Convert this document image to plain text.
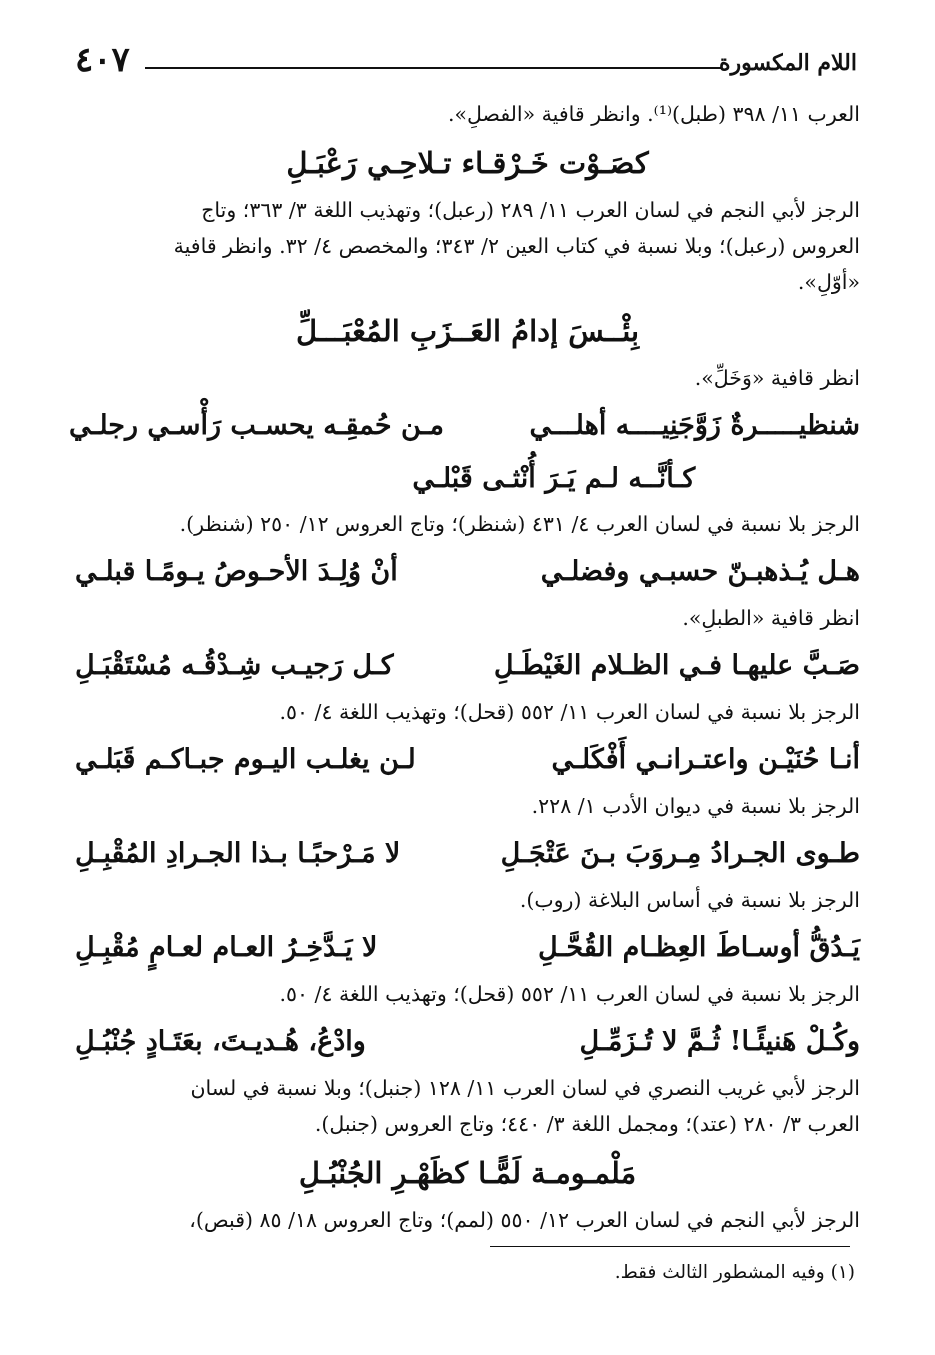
٤٠٧	اللام المكسورة
العرب ١١/ ٣٩٨ (طبل)⁽¹⁾. وانظر قافية «الفصلِ».
كصَـوْت خَـرْقـاء تـلاحِـي رَعْبَـلِ
الرجز لأبي النجم في لسان العرب ١١/ ٢٨٩ (رعبل)؛ وتهذيب اللغة ٣/ ٣٦٣؛ وتاج
العروس (رعبل)؛ وبلا نسبة في كتاب العين ٢/ ٣٤٣؛ والمخصص ٤/ ٣٢. وانظر قافية
«أوّلِ».
بِئْــسَ إدامُ العَــزَبِ المُعْبَـــلِّ
انظر قافية «وَخَلِّ».
شنظيـــــرةٌ زَوَّجَنِيــــه أهلـــي
مـن حُمقِـه يحسـب رَأْسـي رجلـي
كـأنَّــه لـم يَـرَ أُنْثـى قَبْلـي
الرجز بلا نسبة في لسان العرب ٤/ ٤٣١ (شنظر)؛ وتاج العروس ١٢/ ٢٥٠ (شنظر).
هـل يُـذهبـنّ حسبـي وفضلـي
أنْ وُلِـدَ الأحـوصُ يـومًـا قبلـي
انظر قافية «الطبلِ».
صَـبَّ عليهـا فـي الظـلام الغَيْطَـلِ
كـل رَجيـب شِـدْقُـه مُسْتَقْبَـلِ
الرجز بلا نسبة في لسان العرب ١١/ ٥٥٢ (قحل)؛ وتهذيب اللغة ٤/ ٥٠.
أنـا حُنَيْـن واعتـرانـي أَفْكَلـي
لـن يغلـب اليـوم جبـاكـم قَبَلـي
الرجز بلا نسبة في ديوان الأدب ١/ ٢٢٨.
طـوى الجـرادُ مِـروَبَ بـنَ عَتْجَـلِ
لا مَـرْحبًـا بـذا الجـرادِ المُقْبِـلِ
الرجز بلا نسبة في أساس البلاغة (روب).
يَـدُقُّ أوسـاطَ العِظـام القُحَّـلِ
لا يَـدَّخِـرُ العـام لعـامٍ مُقْبِـلِ
الرجز بلا نسبة في لسان العرب ١١/ ٥٥٢ (قحل)؛ وتهذيب اللغة ٤/ ٥٠.
وكُـلْ هَنيئًـا! ثُـمَّ لا تُـزَمِّـلِ
وادْعُ، هُـديـتَ، بعَتَـادٍ جُنْبُـلِ
الرجز لأبي غريب النصري في لسان العرب ١١/ ١٢٨ (جنبل)؛ وبلا نسبة في لسان
العرب ٣/ ٢٨٠ (عتد)؛ ومجمل اللغة ٣/ ٤٤٠؛ وتاج العروس (جنبل).
مَلْمـومـة لَمًّـا كظَهْـرِ الجُنْبُـلِ
الرجز لأبي النجم في لسان العرب ١٢/ ٥٥٠ (لمم)؛ وتاج العروس ١٨/ ٨٥ (قبص)،
(١) وفيه المشطور الثالث فقط.
